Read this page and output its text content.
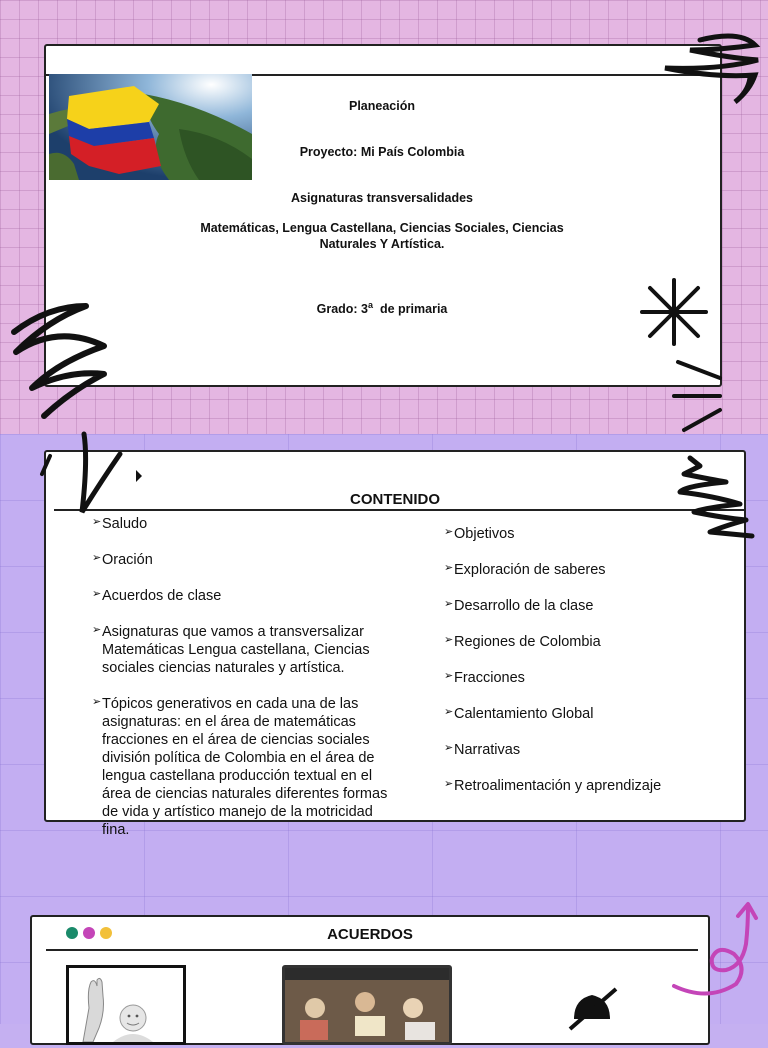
Planeación
Proyecto: Mi País Colombia
Asignaturas transversalidades
Matemáticas, Lengua Castellana, Ciencias Sociales, Ciencias Naturales Y Artística.
Grado: 3$^a$  de primaria
CONTENIDO
➢ Saludo
➢ Oración
➢ Acuerdos de clase
➢ Asignaturas que vamos a transversalizar Matemáticas Lengua castellana, Ciencias sociales ciencias naturales y artística.
➢ Tópicos generativos en cada una de las asignaturas: en el área de matemáticas fracciones en el área de ciencias sociales división política de Colombia en el área de lengua castellana producción textual en el área de ciencias naturales diferentes formas de vida y artístico manejo de la motricidad fina.
➢ Objetivos
➢ Exploración de saberes
➢ Desarrollo de la clase
➢ Regiones de Colombia
➢ Fracciones
➢ Calentamiento Global
➢ Narrativas
➢ Retroalimentación y aprendizaje
ACUERDOS
